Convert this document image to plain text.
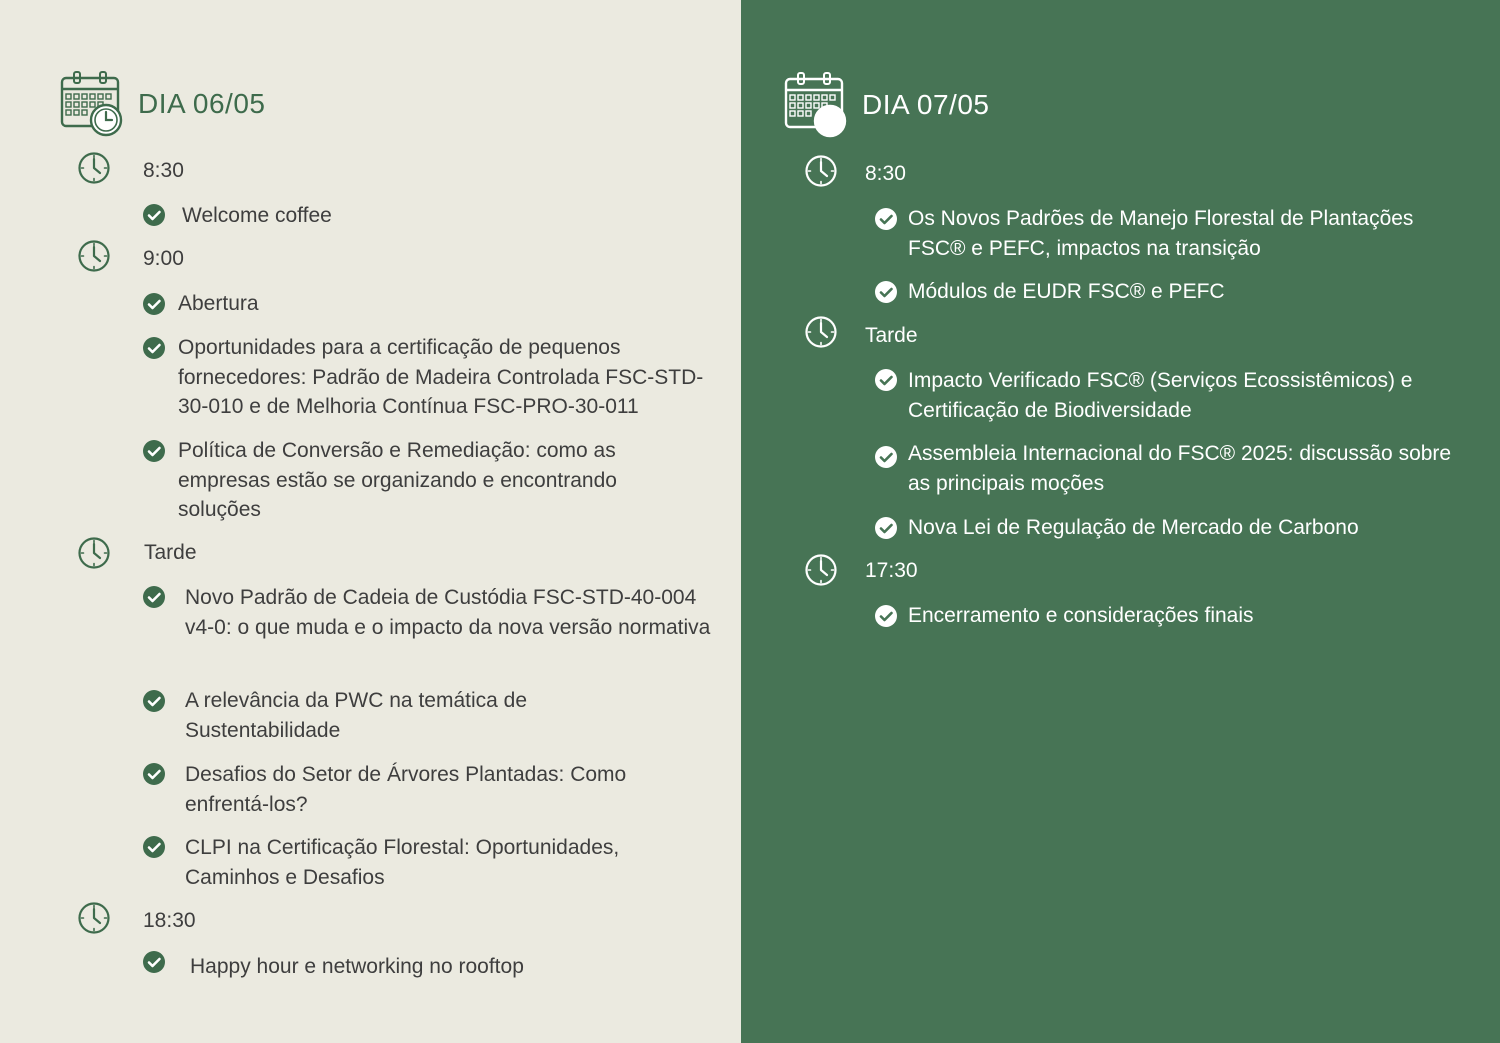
DIA 06/05
8:30
Welcome coffee
9:00
Abertura
Oportunidades para a certificação de pequenos fornecedores: Padrão de Madeira Controlada FSC-STD-30-010 e de Melhoria Contínua FSC-PRO-30-011
Política de Conversão e Remediação: como as empresas estão se organizando e encontrando soluções
Tarde
Novo Padrão de Cadeia de Custódia FSC-STD-40-004 v4-0: o que muda e o impacto da nova versão normativa
A relevância da PWC na temática de Sustentabilidade
Desafios do Setor de Árvores Plantadas: Como enfrentá-los?
CLPI na Certificação Florestal: Oportunidades, Caminhos e Desafios
18:30
Happy hour e networking no rooftop
DIA 07/05
8:30
Os Novos Padrões de Manejo Florestal de Plantações FSC® e PEFC, impactos na transição
Módulos de EUDR FSC® e PEFC
Tarde
Impacto Verificado FSC® (Serviços Ecossistêmicos) e Certificação de Biodiversidade
Assembleia Internacional do FSC® 2025: discussão sobre as principais moções
Nova Lei de Regulação de Mercado de Carbono
17:30
Encerramento e considerações finais
